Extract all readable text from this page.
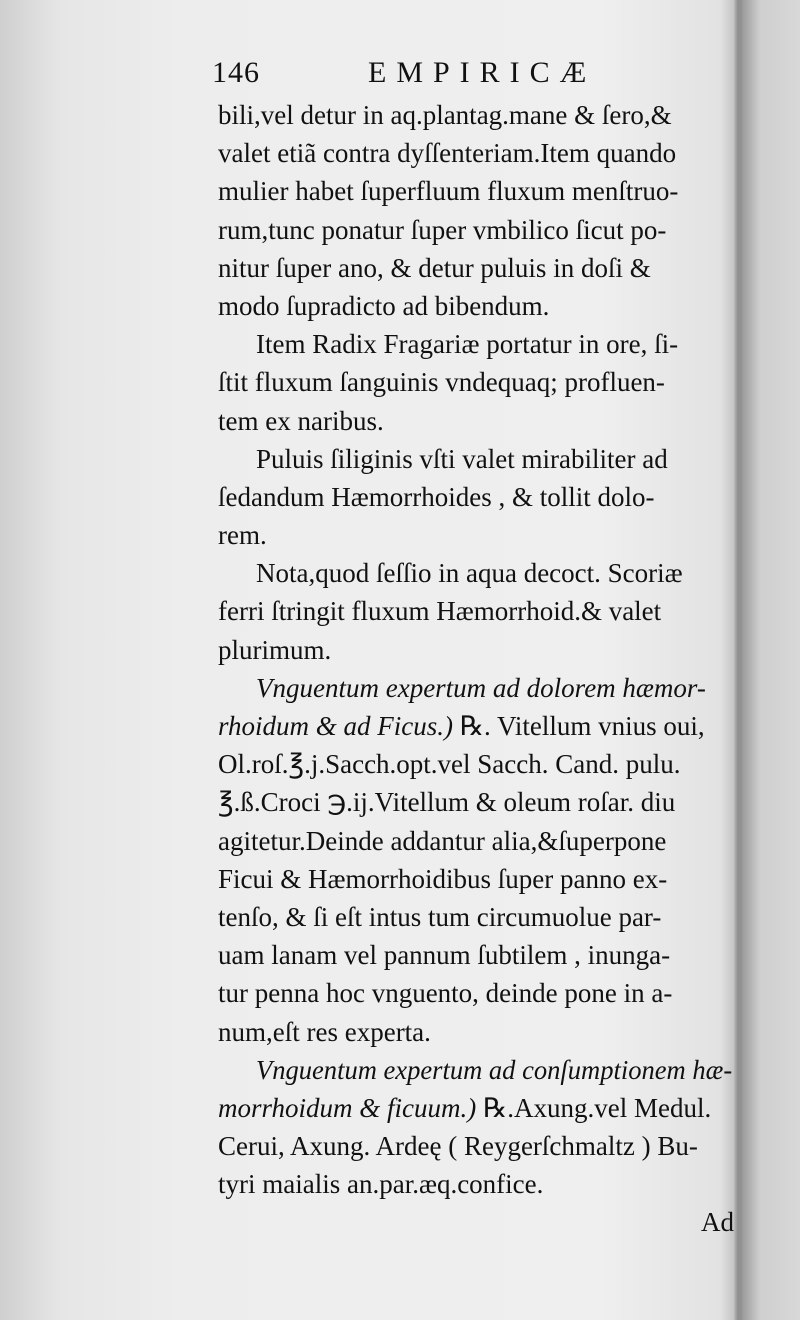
146	EMPIRICÆ
bili,vel detur in aq.plantag.mane & ſero,&
valet etiã contra dyſſenteriam.Item quando
mulier habet ſuperfluum fluxum menſtruo-
rum,tunc ponatur ſuper vmbilico ſicut po-
nitur ſuper ano, & detur puluis in doſi &
modo ſupradicto ad bibendum.
Item Radix Fragariæ portatur in ore, ſi-
ſtit fluxum ſanguinis vndequaq; profluen-
tem ex naribus.
Puluis ſiliginis vſti valet mirabiliter ad
ſedandum Hæmorrhoides , & tollit dolo-
rem.
Nota,quod ſeſſio in aqua decoct. Scoriæ
ferri ſtringit fluxum Hæmorrhoid.& valet
plurimum.
Vnguentum expertum ad dolorem hæmor-
rhoidum & ad Ficus.) ℞. Vitellum vnius oui,
Ol.roſ.℥.j.Sacch.opt.vel Sacch. Cand. pulu.
℥.ß.Croci ℈.ij.Vitellum & oleum roſar. diu
agitetur.Deinde addantur alia,&ſuperpone
Ficui & Hæmorrhoidibus ſuper panno ex-
tenſo, & ſi eſt intus tum circumuolue par-
uam lanam vel pannum ſubtilem , inunga-
tur penna hoc vnguento, deinde pone in a-
num,eſt res experta.
Vnguentum expertum ad conſumptionem hæ-
morrhoidum & ficuum.) ℞.Axung.vel Medul.
Cerui, Axung. Ardeę ( Reygerſchmaltz ) Bu-
tyri maialis an.par.æq.confice.
Ad
